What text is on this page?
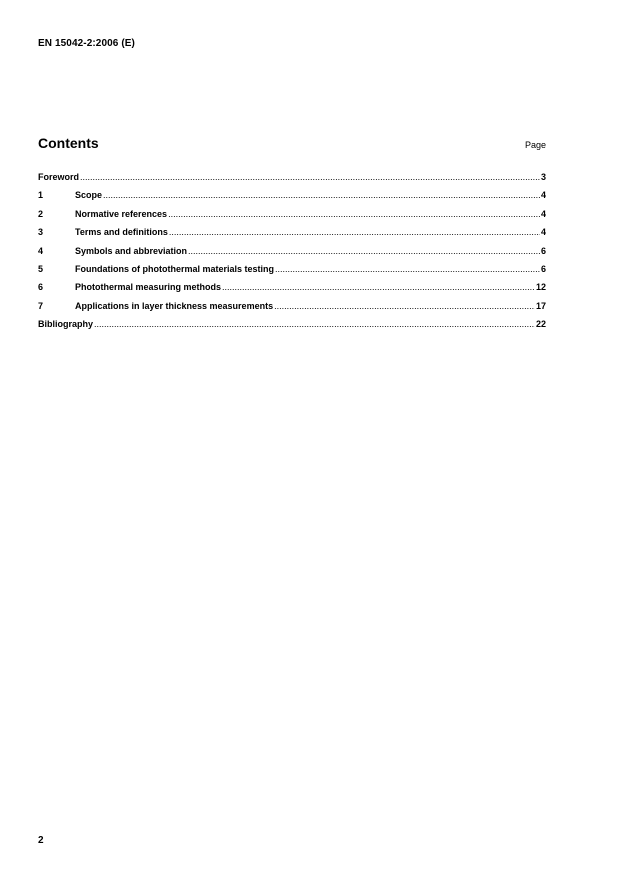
EN 15042-2:2006 (E)
Contents	Page
Foreword .....	3
1	Scope .....	4
2	Normative references .....	4
3	Terms and definitions .....	4
4	Symbols and abbreviation .....	6
5	Foundations of photothermal materials testing .....	6
6	Photothermal measuring methods .....	12
7	Applications in layer thickness measurements .....	17
Bibliography .....	22
2
